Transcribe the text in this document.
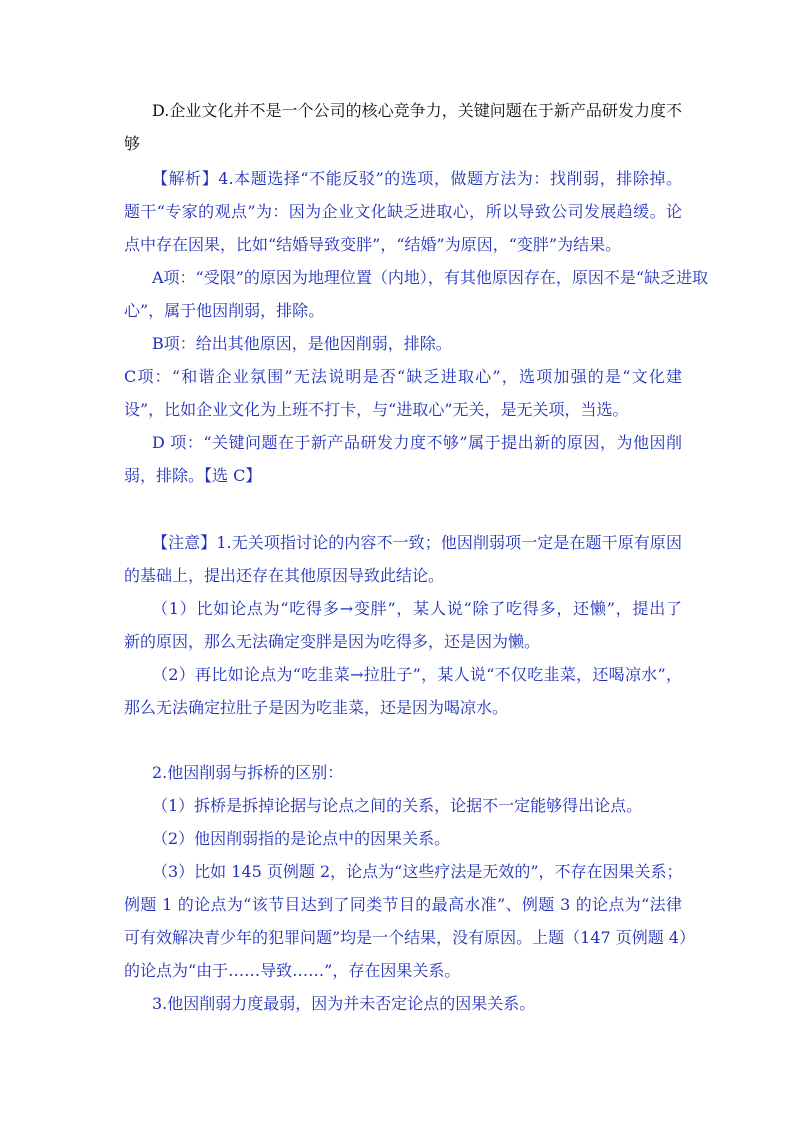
D.企业文化并不是一个公司的核心竞争力，关键问题在于新产品研发力度不
够
【解析】4.本题选择“不能反驳”的选项，做题方法为：找削弱，排除掉。
题干“专家的观点”为：因为企业文化缺乏进取心，所以导致公司发展趋缓。论
点中存在因果，比如“结婚导致变胖”，“结婚”为原因，“变胖”为结果。
A项：“受限”的原因为地理位置（内地），有其他原因存在，原因不是“缺乏进取
心”，属于他因削弱，排除。
B项：给出其他原因，是他因削弱，排除。
C项：“和谐企业氛围”无法说明是否“缺乏进取心”，选项加强的是“文化建
设”，比如企业文化为上班不打卡，与“进取心”无关，是无关项，当选。
D 项：“关键问题在于新产品研发力度不够”属于提出新的原因，为他因削
弱，排除。【选 C】
【注意】1.无关项指讨论的内容不一致；他因削弱项一定是在题干原有原因
的基础上，提出还存在其他原因导致此结论。
（1）比如论点为“吃得多→变胖”，某人说“除了吃得多，还懒”，提出了
新的原因，那么无法确定变胖是因为吃得多，还是因为懒。
（2）再比如论点为“吃韭菜→拉肚子”，某人说“不仅吃韭菜，还喝凉水”，
那么无法确定拉肚子是因为吃韭菜，还是因为喝凉水。
2.他因削弱与拆桥的区别：
（1）拆桥是拆掉论据与论点之间的关系，论据不一定能够得出论点。
（2）他因削弱指的是论点中的因果关系。
（3）比如 145 页例题 2，论点为“这些疗法是无效的”，不存在因果关系；
例题 1 的论点为“该节目达到了同类节目的最高水准”、例题 3 的论点为“法律
可有效解决青少年的犯罪问题”均是一个结果，没有原因。上题（147 页例题 4）
的论点为“由于……导致……”，存在因果关系。
3.他因削弱力度最弱，因为并未否定论点的因果关系。
